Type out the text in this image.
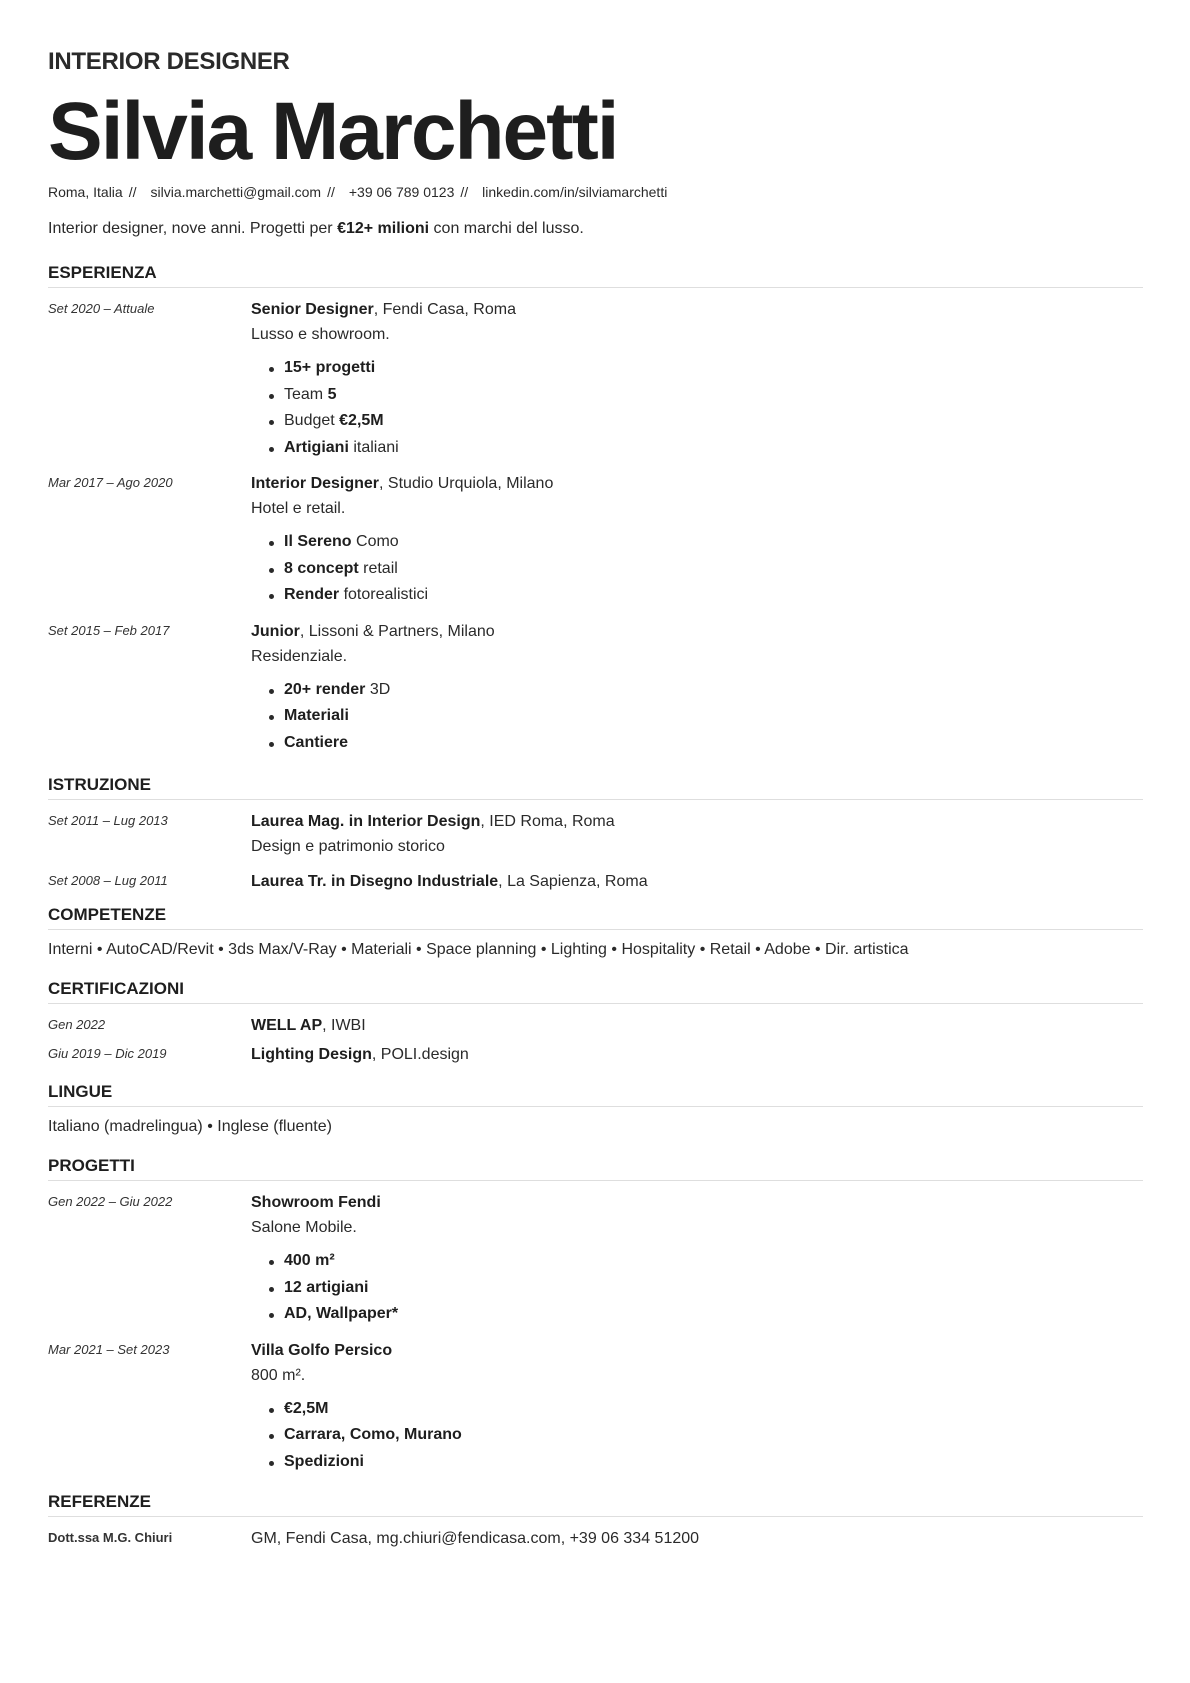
INTERIOR DESIGNER
Silvia Marchetti
Roma, Italia // silvia.marchetti@gmail.com // +39 06 789 0123 // linkedin.com/in/silviamarchetti
Interior designer, nove anni. Progetti per €12+ milioni con marchi del lusso.
ESPERIENZA
Set 2020 – Attuale	Senior Designer, Fendi Casa, Roma
Lusso e showroom.
15+ progetti
Team 5
Budget €2,5M
Artigiani italiani
Mar 2017 – Ago 2020	Interior Designer, Studio Urquiola, Milano
Hotel e retail.
Il Sereno Como
8 concept retail
Render fotorealistici
Set 2015 – Feb 2017	Junior, Lissoni & Partners, Milano
Residenziale.
20+ render 3D
Materiali
Cantiere
ISTRUZIONE
Set 2011 – Lug 2013	Laurea Mag. in Interior Design, IED Roma, Roma
Design e patrimonio storico
Set 2008 – Lug 2011	Laurea Tr. in Disegno Industriale, La Sapienza, Roma
COMPETENZE
Interni • AutoCAD/Revit • 3ds Max/V-Ray • Materiali • Space planning • Lighting • Hospitality • Retail • Adobe • Dir. artistica
CERTIFICAZIONI
Gen 2022	WELL AP, IWBI
Giu 2019 – Dic 2019	Lighting Design, POLI.design
LINGUE
Italiano (madrelingua) • Inglese (fluente)
PROGETTI
Gen 2022 – Giu 2022	Showroom Fendi
Salone Mobile.
400 m²
12 artigiani
AD, Wallpaper*
Mar 2021 – Set 2023	Villa Golfo Persico
800 m².
€2,5M
Carrara, Como, Murano
Spedizioni
REFERENZE
Dott.ssa M.G. Chiuri	GM, Fendi Casa, mg.chiuri@fendicasa.com, +39 06 334 51200
